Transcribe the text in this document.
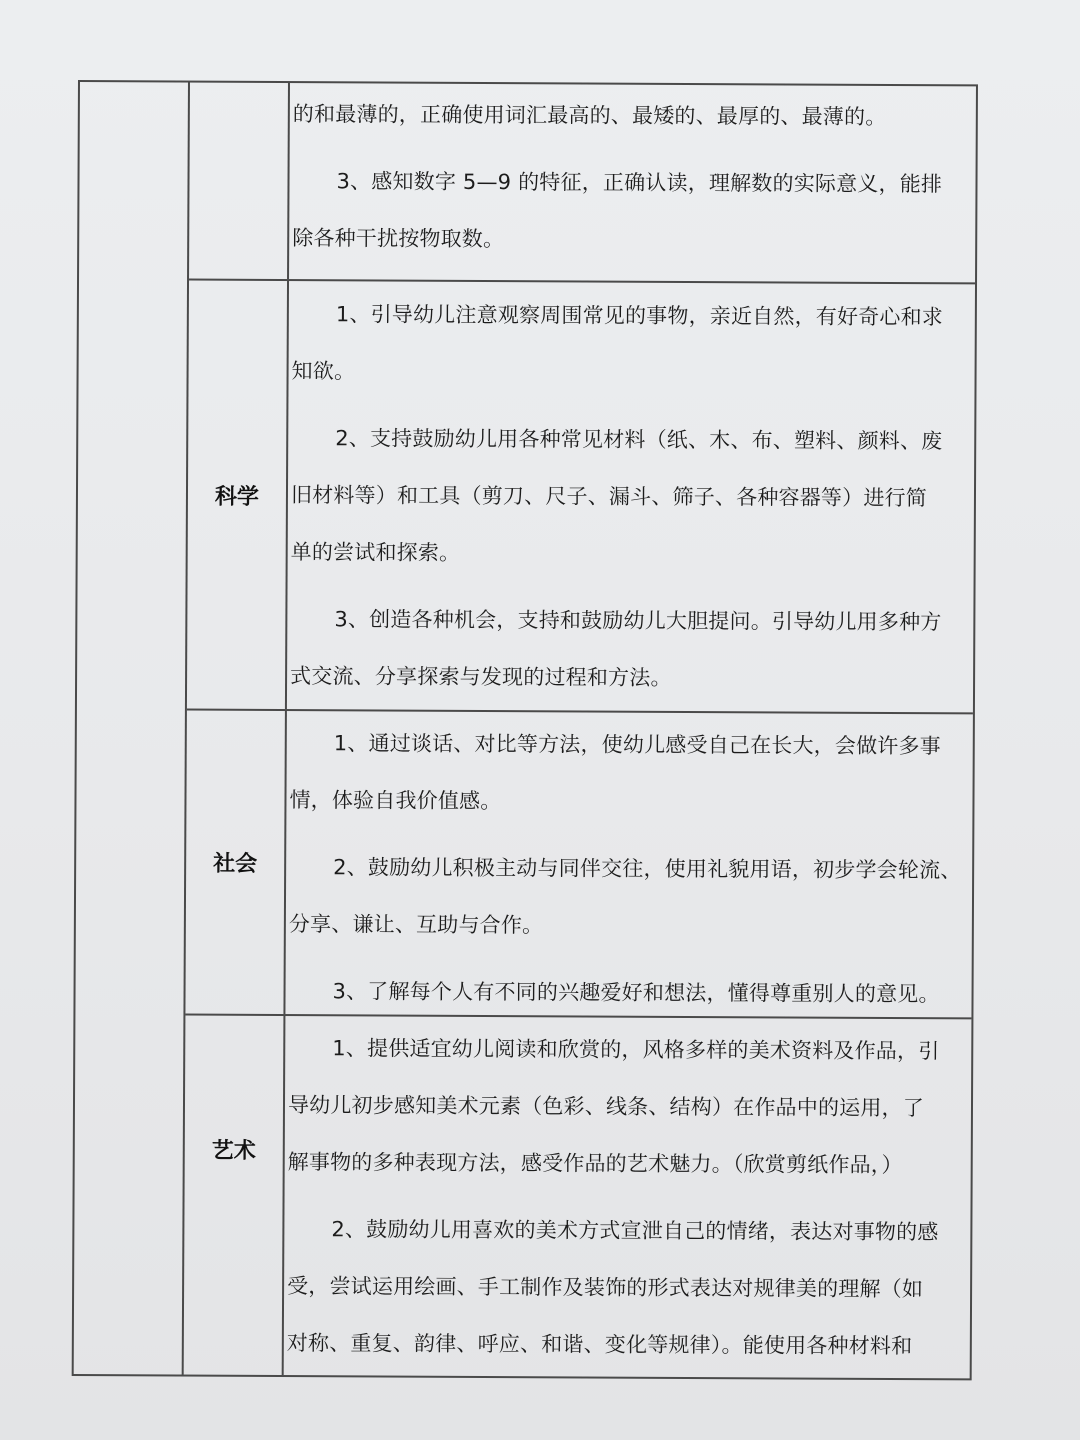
的和最薄的，正确使用词汇最高的、最矮的、最厚的、最薄的。

3、感知数字 5—9 的特征，正确认读，理解数的实际意义，能排
除各种干扰按物取数。

科学

1、引导幼儿注意观察周围常见的事物，亲近自然，有好奇心和求
知欲。

2、支持鼓励幼儿用各种常见材料（纸、木、布、塑料、颜料、废
旧材料等）和工具（剪刀、尺子、漏斗、筛子、各种容器等）进行简
单的尝试和探索。

3、创造各种机会，支持和鼓励幼儿大胆提问。引导幼儿用多种方
式交流、分享探索与发现的过程和方法。

社会

1、通过谈话、对比等方法，使幼儿感受自己在长大，会做许多事
情，体验自我价值感。

2、鼓励幼儿积极主动与同伴交往，使用礼貌用语，初步学会轮流、
分享、谦让、互助与合作。

3、了解每个人有不同的兴趣爱好和想法，懂得尊重别人的意见。

艺术

1、提供适宜幼儿阅读和欣赏的，风格多样的美术资料及作品，引
导幼儿初步感知美术元素（色彩、线条、结构）在作品中的运用，了
解事物的多种表现方法，感受作品的艺术魅力。（欣赏剪纸作品，）

2、鼓励幼儿用喜欢的美术方式宣泄自己的情绪，表达对事物的感
受，尝试运用绘画、手工制作及装饰的形式表达对规律美的理解（如
对称、重复、韵律、呼应、和谐、变化等规律）。能使用各种材料和
